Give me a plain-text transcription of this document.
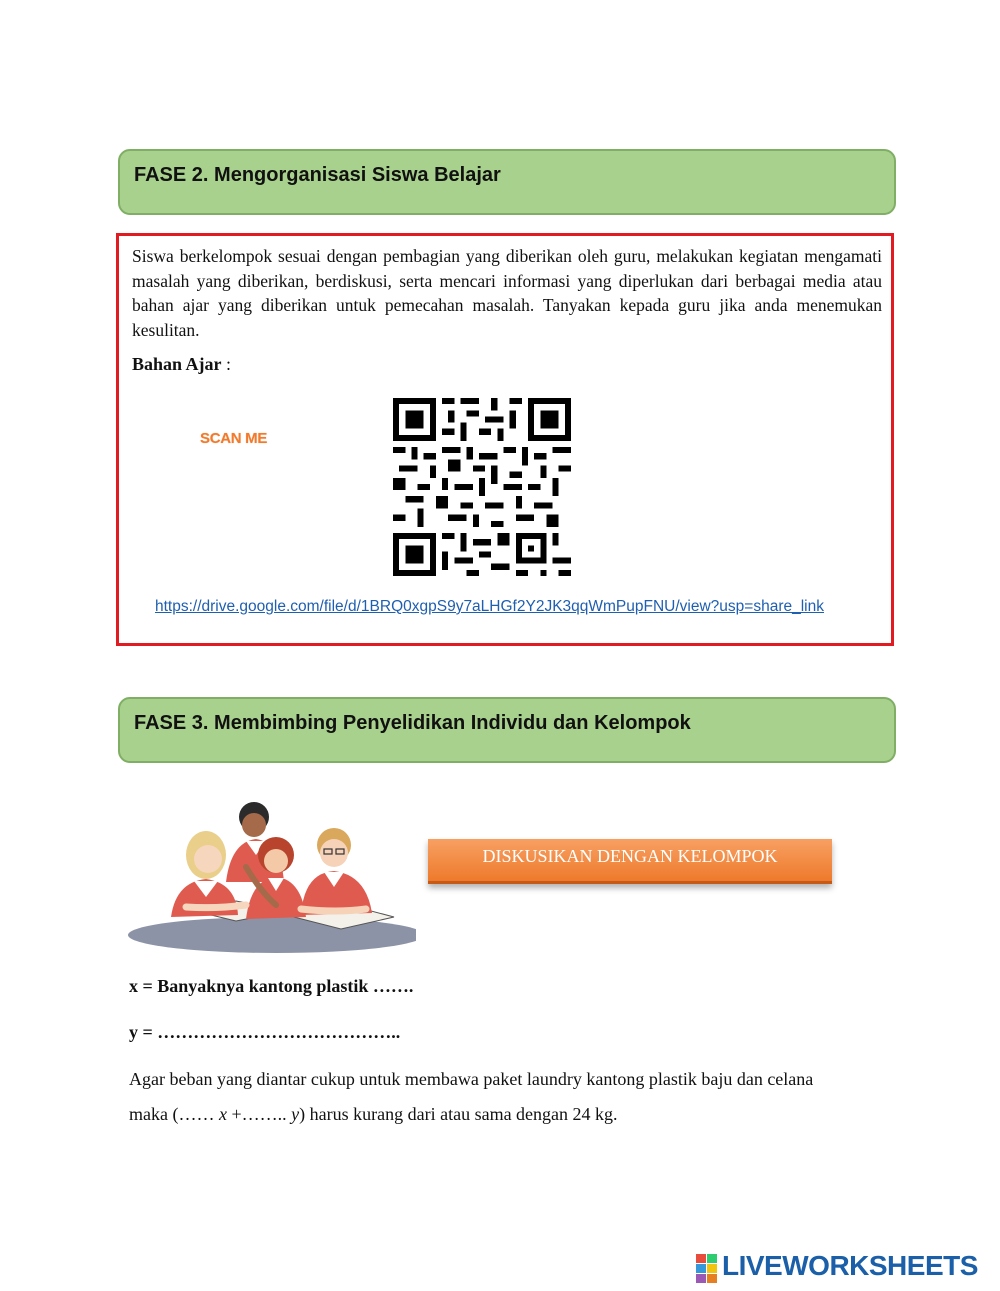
FASE 2. Mengorganisasi Siswa Belajar
Siswa berkelompok sesuai dengan pembagian yang diberikan oleh guru, melakukan kegiatan mengamati masalah yang diberikan, berdiskusi, serta mencari informasi yang diperlukan dari berbagai media atau bahan ajar yang diberikan untuk pemecahan masalah. Tanyakan kepada guru jika anda menemukan kesulitan.
Bahan Ajar :
SCAN ME
https://drive.google.com/file/d/1BRQ0xgpS9y7aLHGf2Y2JK3qqWmPupFNU/view?usp=share_link
FASE 3. Membimbing Penyelidikan Individu dan Kelompok
DISKUSIKAN DENGAN KELOMPOK
x = Banyaknya kantong plastik …….
y = …………………………………..
Agar beban yang diantar cukup untuk membawa paket laundry kantong plastik baju dan celana
maka (…… x +…….. y) harus kurang dari atau sama dengan 24 kg.
LIVEWORKSHEETS
